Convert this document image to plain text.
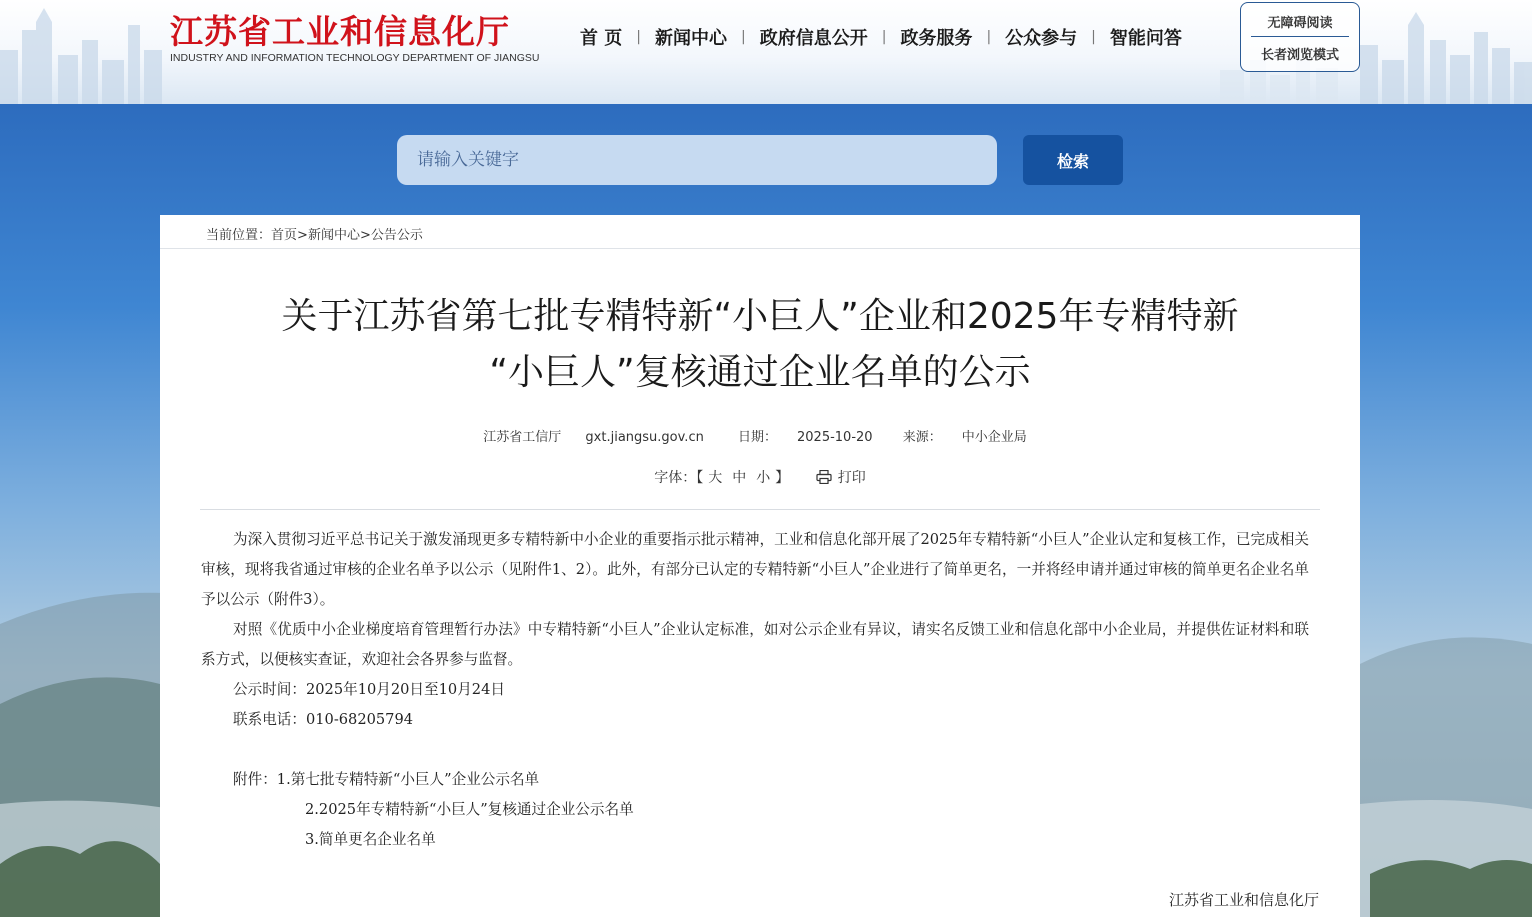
江苏省工业和信息化厅
INDUSTRY AND INFORMATION TECHNOLOGY DEPARTMENT OF JIANGSU
首 页	| 新闻中心	| 政府信息公开	| 政务服务	| 公众参与	| 智能问答
无障碍阅读
长者浏览模式
请输入关键字
检索
当前位置：首页>新闻中心>公告公示
关于江苏省第七批专精特新“小巨人”企业和2025年专精特新
“小巨人”复核通过企业名单的公示
江苏省工信厅 gxt.jiangsu.gov.cn	日期： 2025-10-20 来源： 中小企业局
字体：【 大 中 小 】	打印

为深入贯彻习近平总书记关于激发涌现更多专精特新中小企业的重要指示批示精神，工业和信息化部开展了2025年专精特新“小巨人”企业认定和复核工作，已完成相关审核，现将我省通过审核的企业名单予以公示（见附件1、2）。此外，有部分已认定的专精特新“小巨人”企业进行了简单更名，一并将经申请并通过审核的简单更名企业名单予以公示（附件3）。

对照《优质中小企业梯度培育管理暂行办法》中专精特新“小巨人”企业认定标准，如对公示企业有异议，请实名反馈工业和信息化部中小企业局，并提供佐证材料和联系方式，以便核实查证，欢迎社会各界参与监督。

公示时间：2025年10月20日至10月24日

联系电话：010-68205794

附件：1.第七批专精特新“小巨人”企业公示名单

2.2025年专精特新“小巨人”复核通过企业公示名单

3.简单更名企业名单

江苏省工业和信息化厅
